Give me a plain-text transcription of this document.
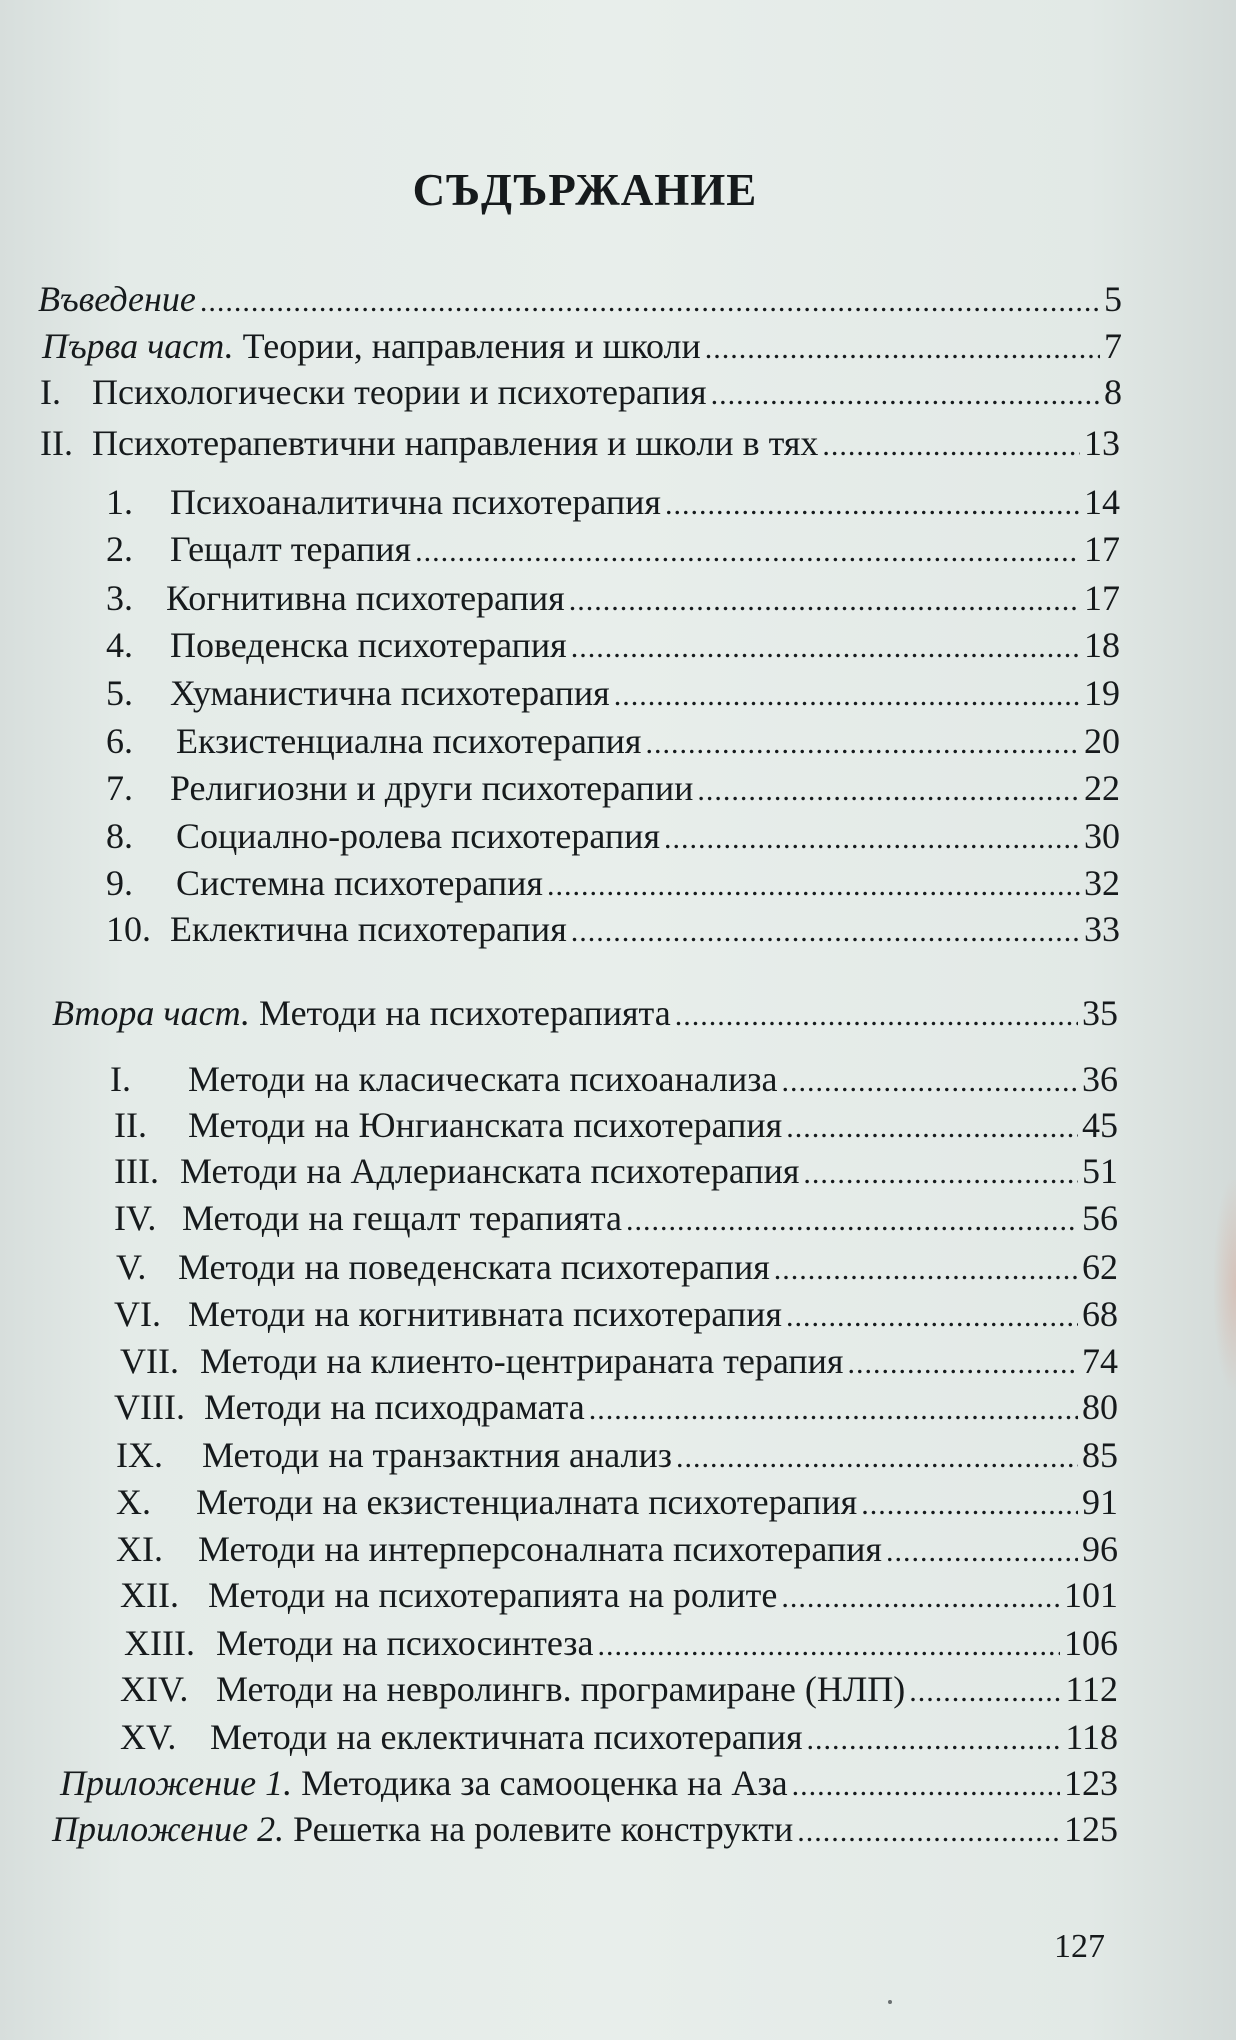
СЪДЪРЖАНИЕ
Въведение .....	5
Първа част.
Теории, направления и школи .....	7
I. Психологически теории и психотерапия .....	8
II. Психотерапевтични направления и школи в тях .....	13
1.	Психоаналитична психотерапия .....	14
2.	Гещалт терапия .....	17
3. Когнитивна психотерапия .....	17
4.	Поведенска психотерапия .....	18
5.	Хуманистична психотерапия .....	19
6.	Екзистенциална психотерапия .....	20
7.	Религиозни и други психотерапии .....	22
8.	Социално-ролева психотерапия .....	30
9.	Системна психотерапия .....	32
10. Еклектична психотерапия .....	33
Втора част.
Методи на психотерапията .....	35
I.	Методи на класическата психоанализа .....	36
II.	Методи на Юнгианската психотерапия .....	45
III. Методи на Адлерианската психотерапия .....	51
IV. Методи на гещалт терапията .....	56
V. Методи на поведенската психотерапия .....	62
VI. Методи на когнитивната психотерапия .....	68
VII. Методи на клиенто-центрираната терапия .....	74
VIII. Методи на психодрамата .....	80
IX.	Методи на транзактния анализ .....	85
X.	Методи на екзистенциалната психотерапия .....	91
XI. Методи на интерперсоналната психотерапия .....	96
XII. Методи на психотерапията на ролите .....	101
XIII. Методи на психосинтеза .....	106
XIV. Методи на невролингв. програмиране (НЛП) .....	112
XV. Методи на еклектичната психотерапия .....	118
Приложение 1.
Методика за самооценка на Аза .....	123
Приложение 2.
Решетка на ролевите конструкти .....	125
127
